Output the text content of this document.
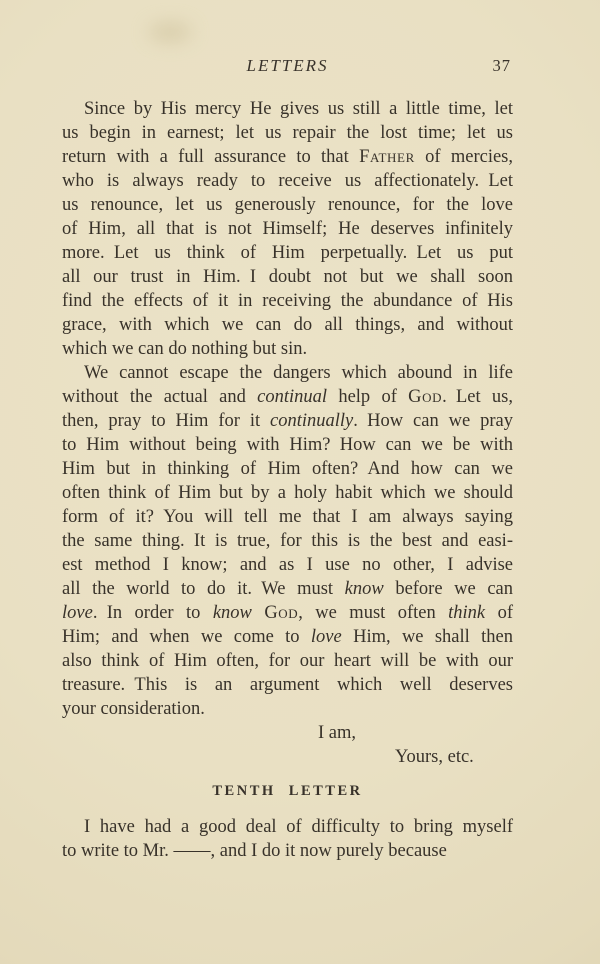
LETTERS	37
Since by His mercy He gives us still a little time, let
us begin in earnest; let us repair the lost time; let us
return with a full assurance to that Father of mercies,
who is always ready to receive us affectionately. Let
us renounce, let us generously renounce, for the love
of Him, all that is not Himself; He deserves infinitely
more. Let us think of Him perpetually. Let us put
all our trust in Him. I doubt not but we shall soon
find the effects of it in receiving the abundance of His
grace, with which we can do all things, and without
which we can do nothing but sin.
We cannot escape the dangers which abound in life
without the actual and continual help of God. Let us,
then, pray to Him for it continually. How can we pray
to Him without being with Him? How can we be with
Him but in thinking of Him often? And how can we
often think of Him but by a holy habit which we should
form of it? You will tell me that I am always saying
the same thing. It is true, for this is the best and easi-
est method I know; and as I use no other, I advise
all the world to do it. We must know before we can
love. In order to know God, we must often think of
Him; and when we come to love Him, we shall then
also think of Him often, for our heart will be with our
treasure. This is an argument which well deserves
your consideration.
I am,
Yours, etc.
TENTH LETTER
I have had a good deal of difficulty to bring myself
to write to Mr. ——, and I do it now purely because
